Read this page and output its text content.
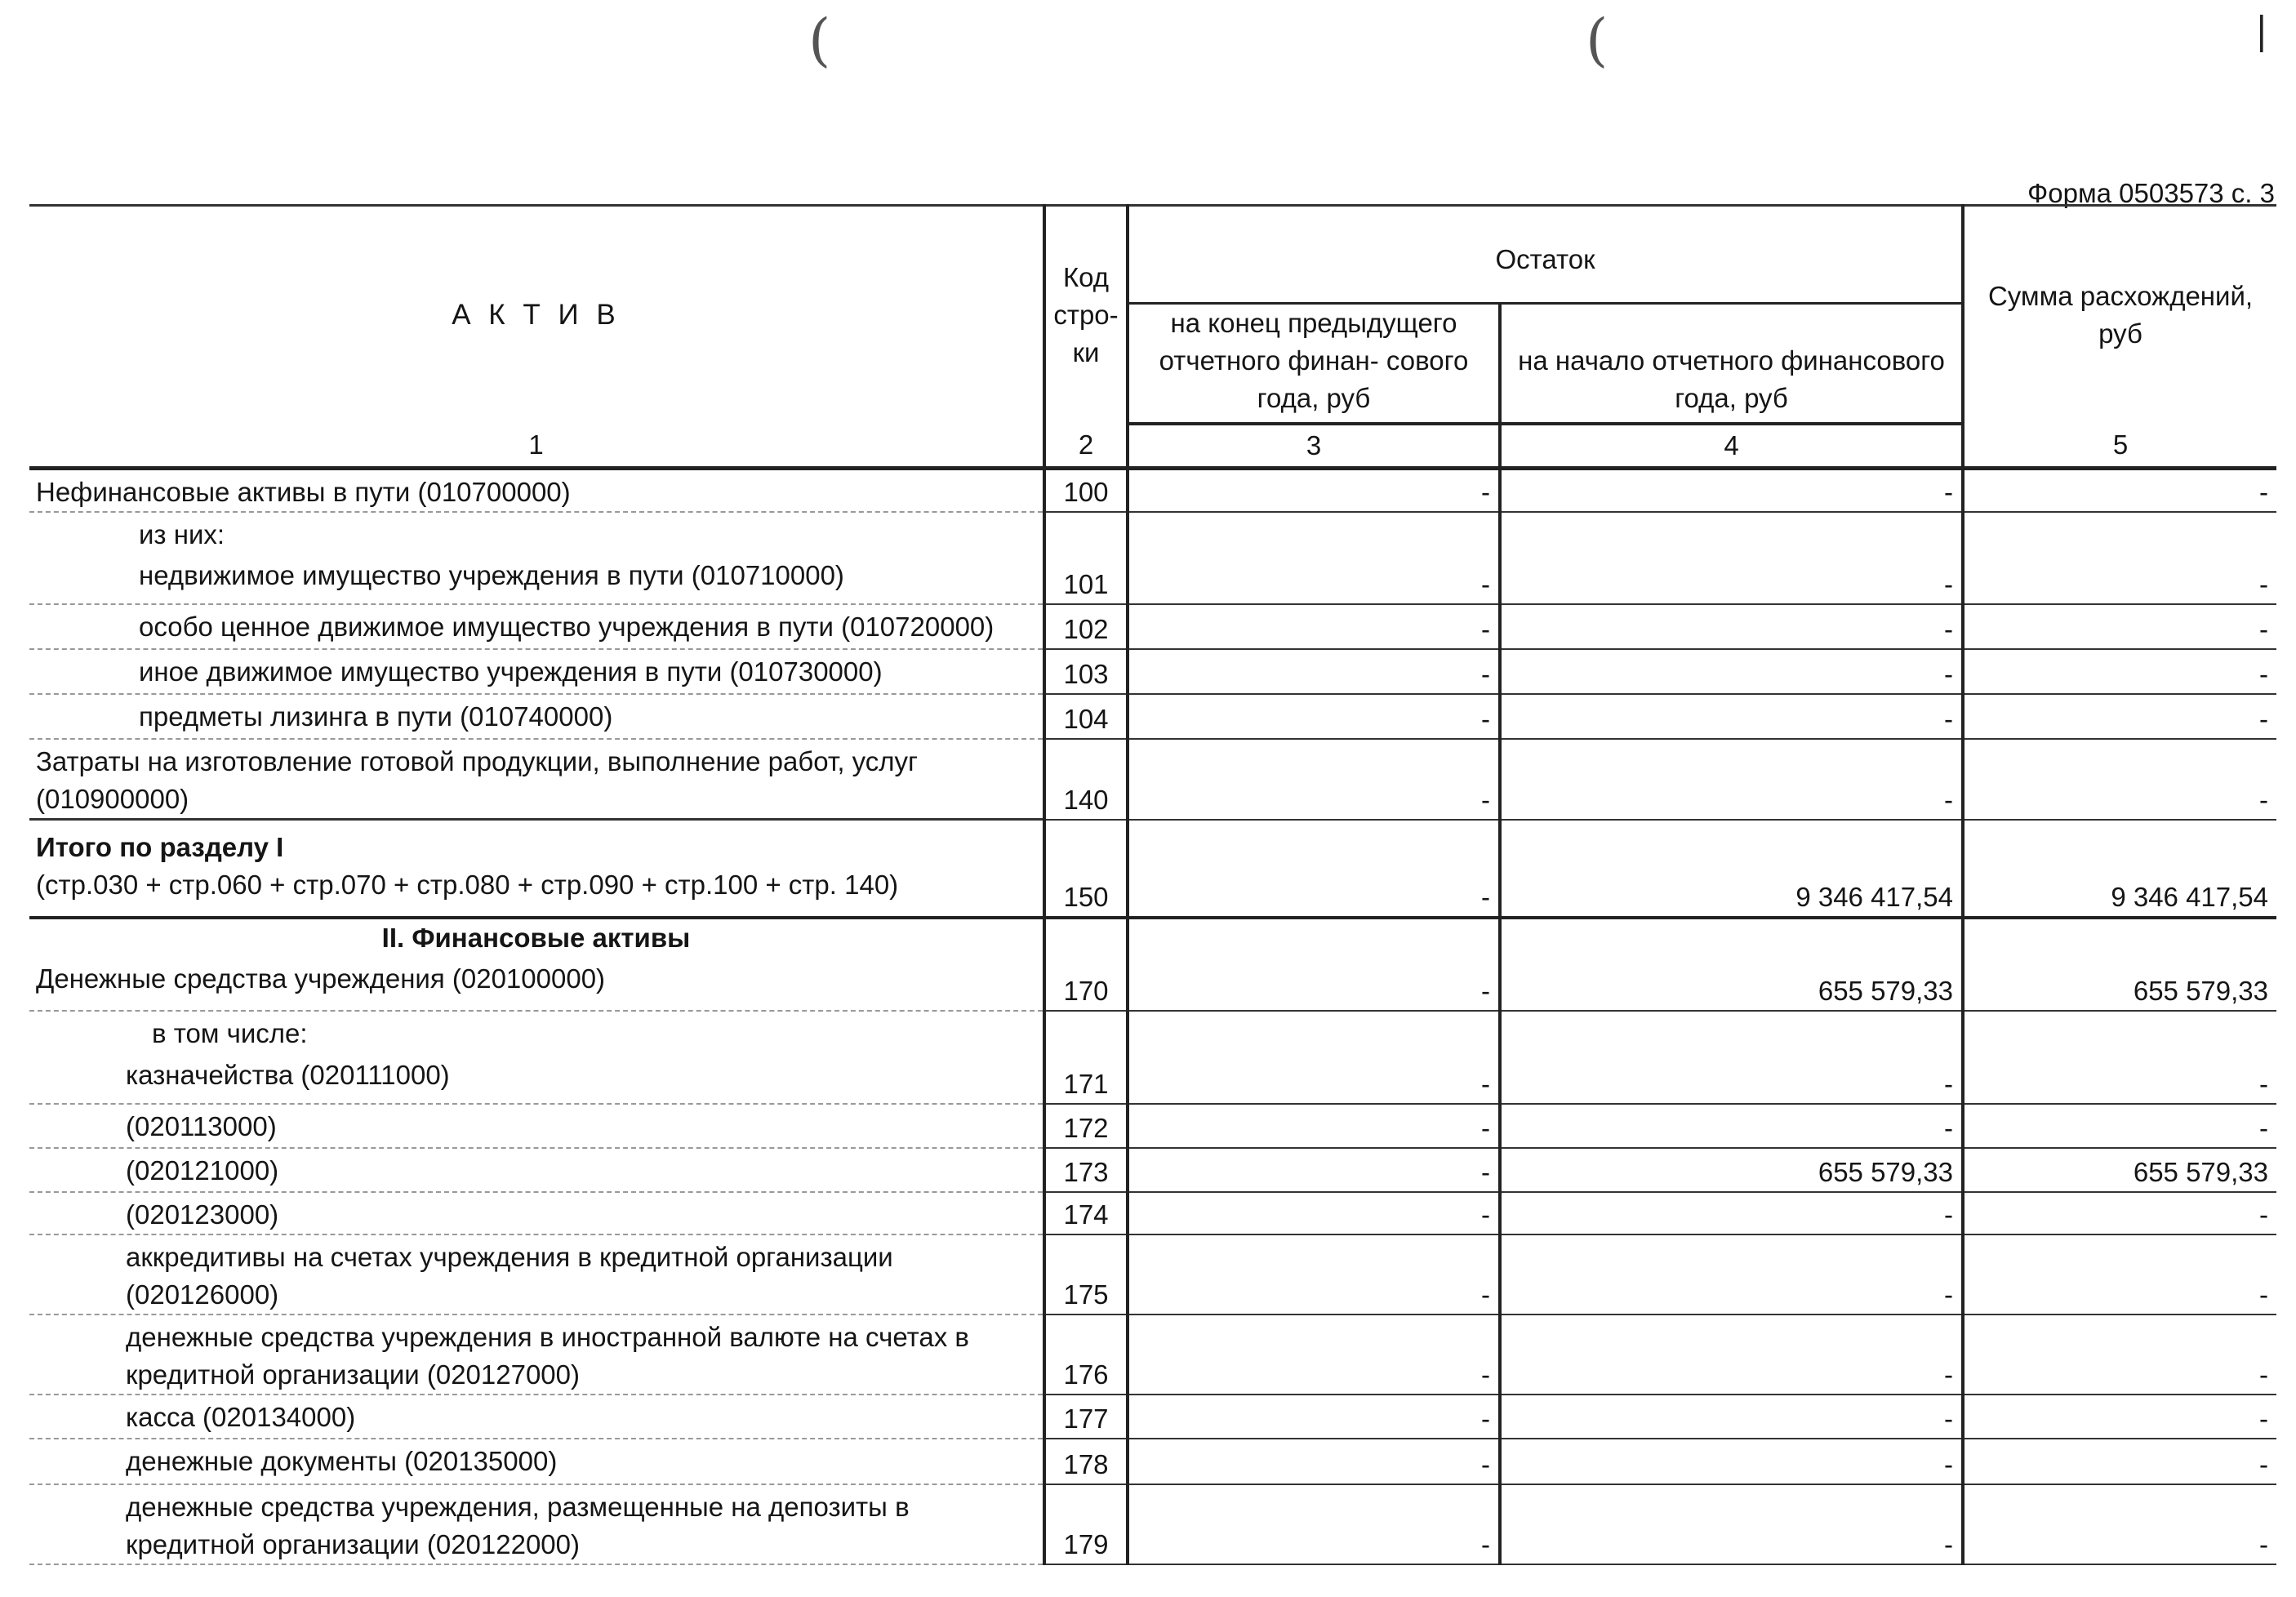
(	(	|
Форма 0503573 с. 3
А К Т И В	Код стро- ки	Остаток		Сумма расхождений, руб
		на конец предыдущего отчетного финан- сового года, руб	на начало отчетного финансового года, руб	
1	2	3	4	5
Нефинансовые активы в пути (010700000)	100	-	-	-
из них:				
недвижимое имущество учреждения в пути (010710000)	101	-	-	-
особо ценное движимое имущество учреждения в пути (010720000)	102	-	-	-
иное движимое имущество учреждения в пути (010730000)	103	-	-	-
предметы лизинга в пути (010740000)	104	-	-	-
Затраты на изготовление готовой продукции, выполнение работ, услуг (010900000)	140	-	-	-

Итого по разделу I
(стр.030 + стр.060 + стр.070 + стр.080 + стр.090 + стр.100 + стр. 140)	150	-	9 346 417,54	9 346 417,54
II. Финансовые активы				
Денежные средства учреждения (020100000)	170	-	655 579,33	655 579,33
в том числе:				
казначейства (020111000)	171	-	-	-
(020113000)	172	-	-	-
(020121000)	173	-	655 579,33	655 579,33
(020123000)	174	-	-	-
аккредитивы на счетах учреждения в кредитной организации (020126000)	175	-	-	-
денежные средства учреждения в иностранной валюте на счетах в кредитной организации (020127000)	176	-	-	-
касса (020134000)	177	-	-	-
денежные документы (020135000)	178	-	-	-
денежные средства учреждения, размещенные на депозиты в кредитной организации (020122000)	179	-	-	-
